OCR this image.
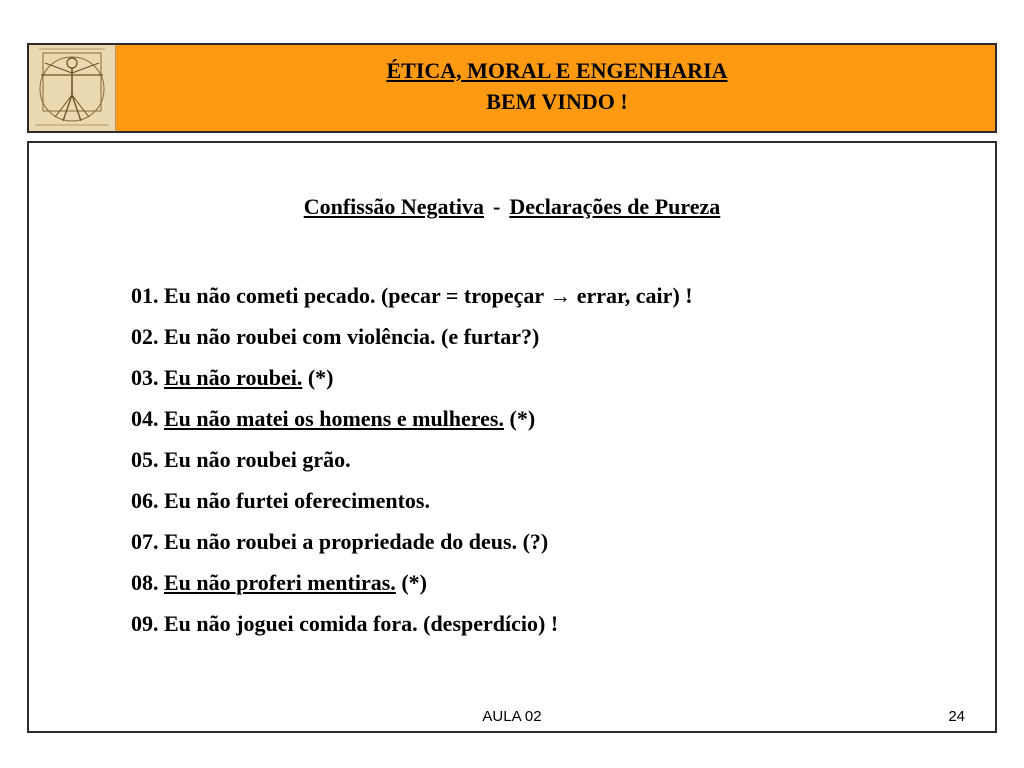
ÉTICA, MORAL E ENGENHARIA
BEM VINDO !
Confissão Negativa - Declarações de Pureza
01. Eu não cometi pecado. (pecar = tropeçar → errar, cair) !
02. Eu não roubei com violência. (e furtar?)
03. Eu não roubei. (*)
04. Eu não matei os homens e mulheres. (*)
05. Eu não roubei grão.
06. Eu não furtei oferecimentos.
07. Eu não roubei a propriedade do deus. (?)
08. Eu não proferi mentiras. (*)
09. Eu não joguei comida fora. (desperdício) !
AULA 02	24
